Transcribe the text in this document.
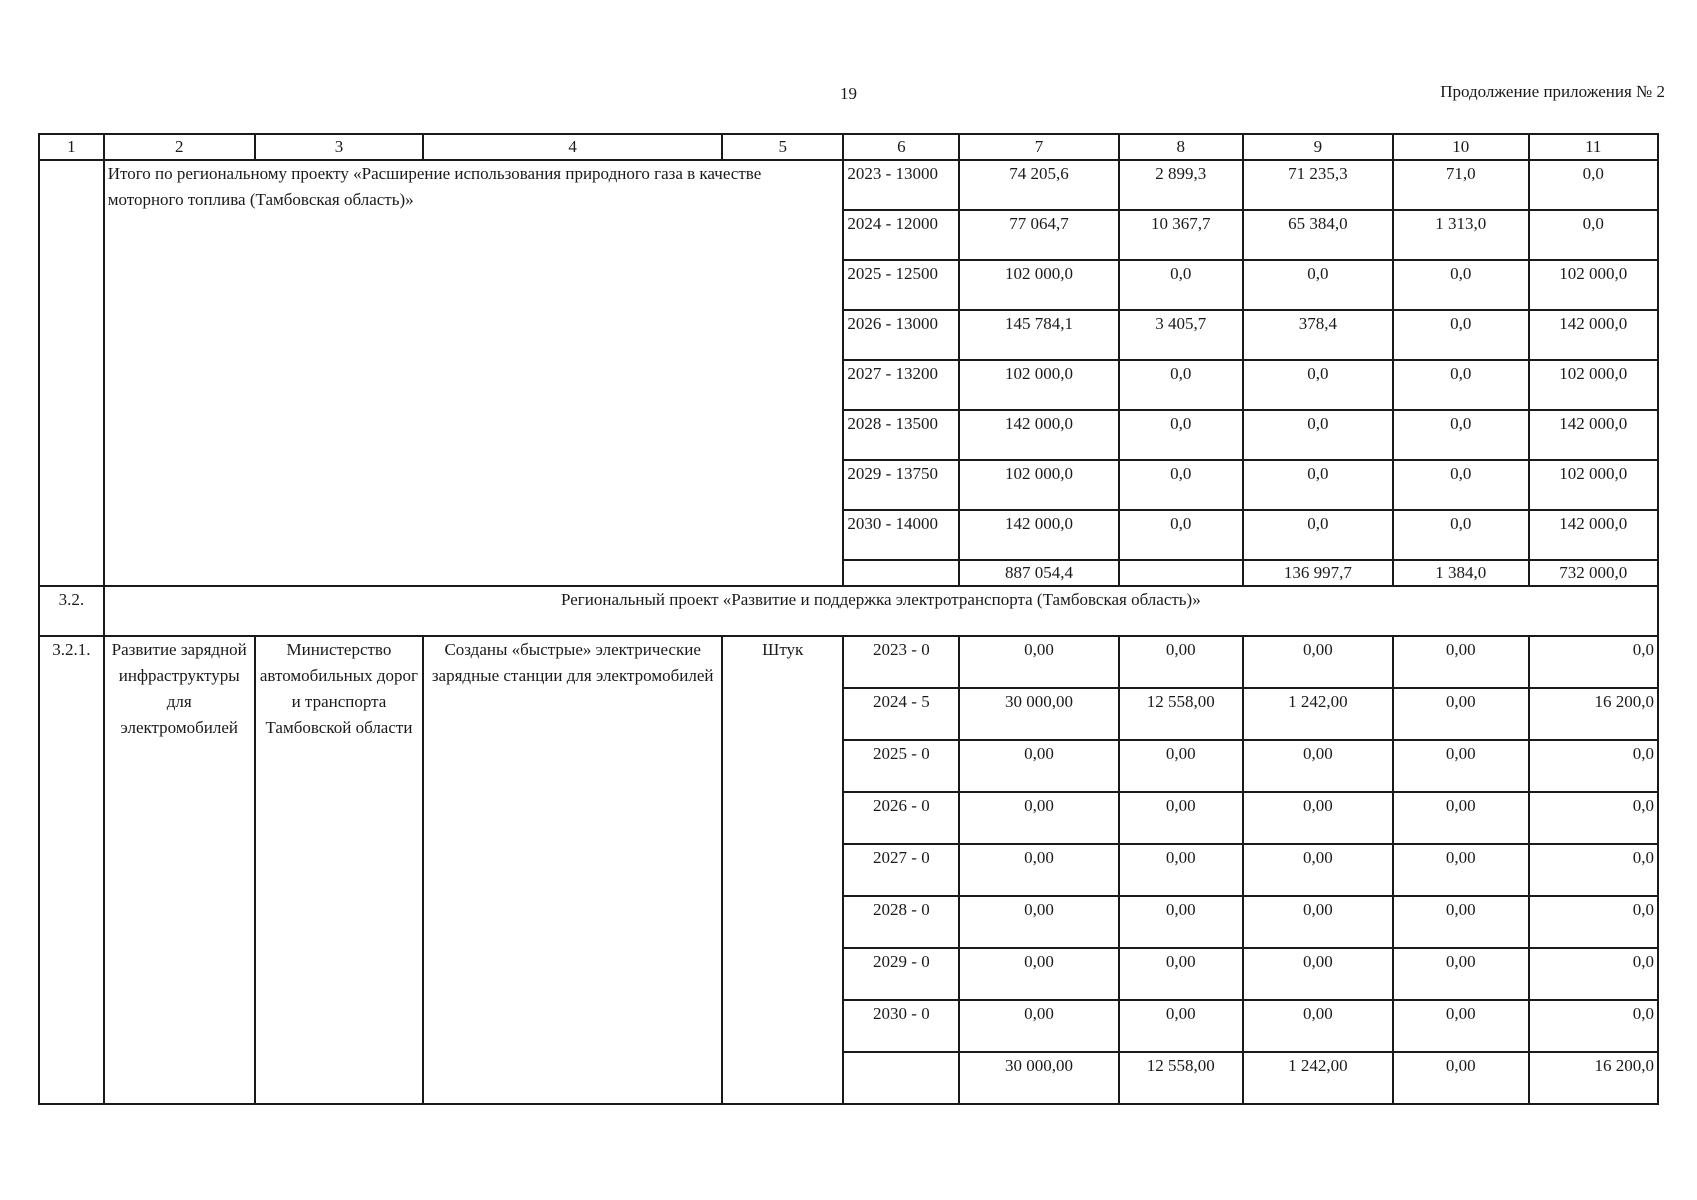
19	Продолжение приложения № 2
1	2	3	4	5	6	7	8	9	10	11
	Итого по региональному проекту «Расширение использования природного газа в качестве моторного топлива (Тамбовская область)»				2023 - 13000	74 205,6	2 899,3	71 235,3	71,0	0,0
					2024 - 12000	77 064,7	10 367,7	65 384,0	1 313,0	0,0
					2025 - 12500	102 000,0	0,0	0,0	0,0	102 000,0
					2026 - 13000	145 784,1	3 405,7	378,4	0,0	142 000,0
					2027 - 13200	102 000,0	0,0	0,0	0,0	102 000,0
					2028 - 13500	142 000,0	0,0	0,0	0,0	142 000,0
					2029 - 13750	102 000,0	0,0	0,0	0,0	102 000,0
					2030 - 14000	142 000,0	0,0	0,0	0,0	142 000,0
						887 054,4		136 997,7	1 384,0	732 000,0
3.2.	Региональный проект «Развитие и поддержка электротранспорта (Тамбовская область)»									
3.2.1.	Развитие зарядной инфраструктуры для электромобилей	Министерство автомобильных дорог и транспорта Тамбовской области	Созданы «быстрые» электрические зарядные станции для электромобилей	Штук	2023 - 0	0,00	0,00	0,00	0,00	0,0
					2024 - 5	30 000,00	12 558,00	1 242,00	0,00	16 200,0
					2025 - 0	0,00	0,00	0,00	0,00	0,0
					2026 - 0	0,00	0,00	0,00	0,00	0,0
					2027 - 0	0,00	0,00	0,00	0,00	0,0
					2028 - 0	0,00	0,00	0,00	0,00	0,0
					2029 - 0	0,00	0,00	0,00	0,00	0,0
					2030 - 0	0,00	0,00	0,00	0,00	0,0
						30 000,00	12 558,00	1 242,00	0,00	16 200,0
